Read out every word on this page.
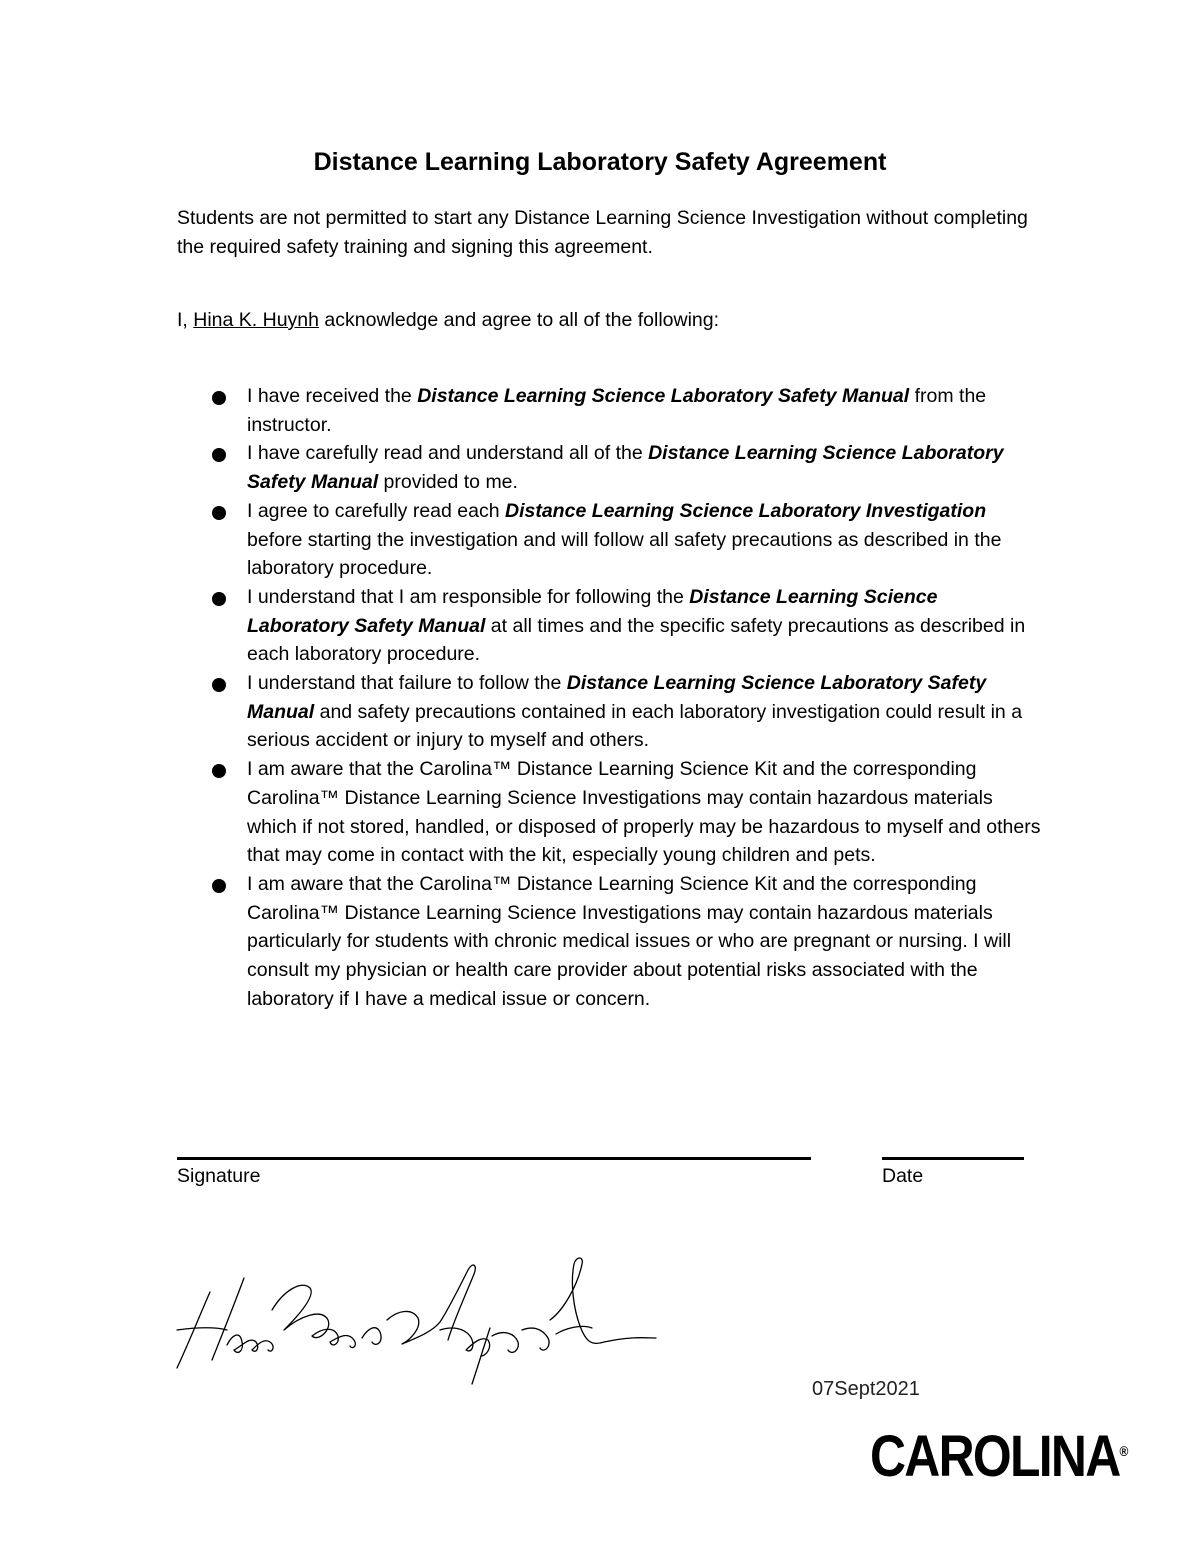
Distance Learning Laboratory Safety Agreement
Students are not permitted to start any Distance Learning Science Investigation without completing the required safety training and signing this agreement.
I, Hina K. Huynh acknowledge and agree to all of the following:
I have received the Distance Learning Science Laboratory Safety Manual from the instructor.
I have carefully read and understand all of the Distance Learning Science Laboratory Safety Manual provided to me.
I agree to carefully read each Distance Learning Science Laboratory Investigation before starting the investigation and will follow all safety precautions as described in the laboratory procedure.
I understand that I am responsible for following the Distance Learning Science Laboratory Safety Manual at all times and the specific safety precautions as described in each laboratory procedure.
I understand that failure to follow the Distance Learning Science Laboratory Safety Manual and safety precautions contained in each laboratory investigation could result in a serious accident or injury to myself and others.
I am aware that the Carolina™ Distance Learning Science Kit and the corresponding Carolina™ Distance Learning Science Investigations may contain hazardous materials which if not stored, handled, or disposed of properly may be hazardous to myself and others that may come in contact with the kit, especially young children and pets.
I am aware that the Carolina™ Distance Learning Science Kit and the corresponding Carolina™ Distance Learning Science Investigations may contain hazardous materials particularly for students with chronic medical issues or who are pregnant or nursing. I will consult my physician or health care provider about potential risks associated with the laboratory if I have a medical issue or concern.
Signature	Date
07Sept2021
CAROLINA®
